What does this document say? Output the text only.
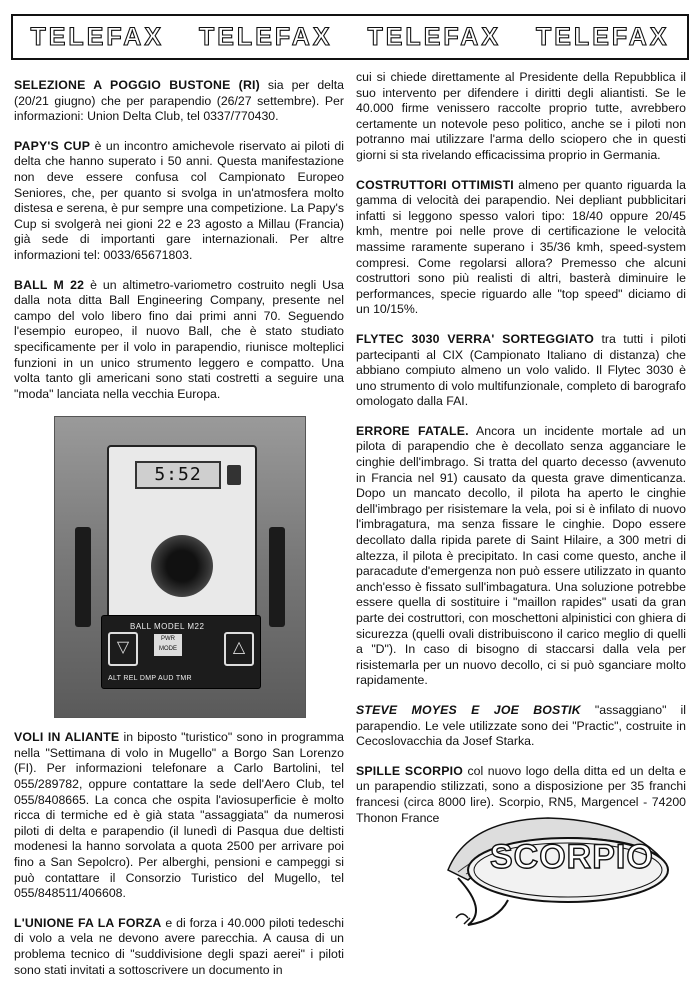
TELEFAX TELEFAX TELEFAX TELEFAX

SELEZIONE A POGGIO BUSTONE (RI) sia per delta (20/21 giugno) che per parapendio (26/27 settembre). Per informazioni: Union Delta Club, tel 0337/770430.

PAPY'S CUP è un incontro amichevole riservato ai piloti di delta che hanno superato i 50 anni. Questa manifestazione non deve essere confusa col Campionato Europeo Seniores, che, per quanto si svolga in un'atmosfera molto distesa e serena, è pur sempre una competizione. La Papy's Cup si svolgerà nei gioni 22 e 23 agosto a Millau (Francia) già sede di importanti gare internazionali. Per altre informazioni tel: 0033/65671803.

BALL M 22 è un altimetro-variometro costruito negli Usa dalla nota ditta Ball Engineering Company, presente nel campo del volo libero fino dai primi anni 70. Seguendo l'esempio europeo, il nuovo Ball, che è stato studiato specificamente per il volo in parapendio, riunisce molteplici funzioni in un unico strumento leggero e compatto. Una volta tanto gli americani sono stati costretti a seguire una "moda" lanciata nella vecchia Europa.

5:52
BALL MODEL M22
▽	PWR MODE	△
ALT REL DMP AUD TMR

VOLI IN ALIANTE in biposto "turistico" sono in programma nella "Settimana di volo in Mugello" a Borgo San Lorenzo (FI). Per informazioni telefonare a Carlo Bartolini, tel 055/289782, oppure contattare la sede dell'Aero Club, tel 055/8408665. La conca che ospita l'aviosuperficie è molto ricca di termiche ed è già stata "assaggiata" da numerosi piloti di delta e parapendio (il lunedì di Pasqua due deltisti modenesi la hanno sorvolata a quota 2500 per arrivare poi fino a San Sepolcro). Per alberghi, pensioni e campeggi si può contattare il Consorzio Turistico del Mugello, tel 055/848511/406608.

L'UNIONE FA LA FORZA e di forza i 40.000 piloti tedeschi di volo a vela ne devono avere parecchia. A causa di un problema tecnico di "suddivisione degli spazi aerei" i piloti sono stati invitati a sottoscrivere un documento in

cui si chiede direttamente al Presidente della Repubblica il suo intervento per difendere i diritti degli aliantisti. Se le 40.000 firme venissero raccolte proprio tutte, avrebbero certamente un notevole peso politico, anche se i piloti non potranno mai utilizzare l'arma dello sciopero che in questi giorni si sta rivelando efficacissima proprio in Germania.

COSTRUTTORI OTTIMISTI almeno per quanto riguarda la gamma di velocità dei parapendio. Nei depliant pubblicitari infatti si leggono spesso valori tipo: 18/40 oppure 20/45 kmh, mentre poi nelle prove di certificazione le velocità massime raramente superano i 35/36 kmh, speed-system compresi. Come regolarsi allora? Premesso che alcuni costruttori sono più realisti di altri, basterà diminuire le performances, specie riguardo alle "top speed" diciamo di un 10/15%.

FLYTEC 3030 VERRA' SORTEGGIATO tra tutti i piloti partecipanti al CIX (Campionato Italiano di distanza) che abbiano compiuto almeno un volo valido. Il Flytec 3030 è uno strumento di volo multifunzionale, completo di barografo omologato dalla FAI.

ERRORE FATALE. Ancora un incidente mortale ad un pilota di parapendio che è decollato senza agganciare le cinghie dell'imbrago. Si tratta del quarto decesso (avvenuto in Francia nel 91) causato da questa grave dimenticanza. Dopo un mancato decollo, il pilota ha aperto le cinghie dell'imbrago per risistemare la vela, poi si è infilato di nuovo l'imbragatura, ma senza fissare le cinghie. Dopo essere decollato dalla ripida parete di Saint Hilaire, a 300 metri di altezza, il pilota è precipitato. In casi come questo, anche il paracadute d'emergenza non può essere utilizzato in quanto anch'esso è fissato sull'imbagatura. Una soluzione potrebbe essere quella di sostituire i "maillon rapides" usati da gran parte dei costruttori, con moschettoni alpinistici con ghiera di sicurezza (quelli ovali distribuiscono il carico meglio di quelli a "D"). In caso di bisogno di staccarsi dalla vela per risistemarla per un nuovo decollo, ci si può sganciare molto rapidamente.

STEVE MOYES E JOE BOSTIK "assaggiano" il parapendio. Le vele utilizzate sono dei "Practic", costruite in Cecoslovacchia da Josef Starka.

SPILLE SCORPIO col nuovo logo della ditta ed un delta e un parapendio stilizzati, sono a disposizione per 35 franchi francesi (circa 8000 lire). Scorpio, RN5, Margencel - 74200 Thonon France

SCORPIO
